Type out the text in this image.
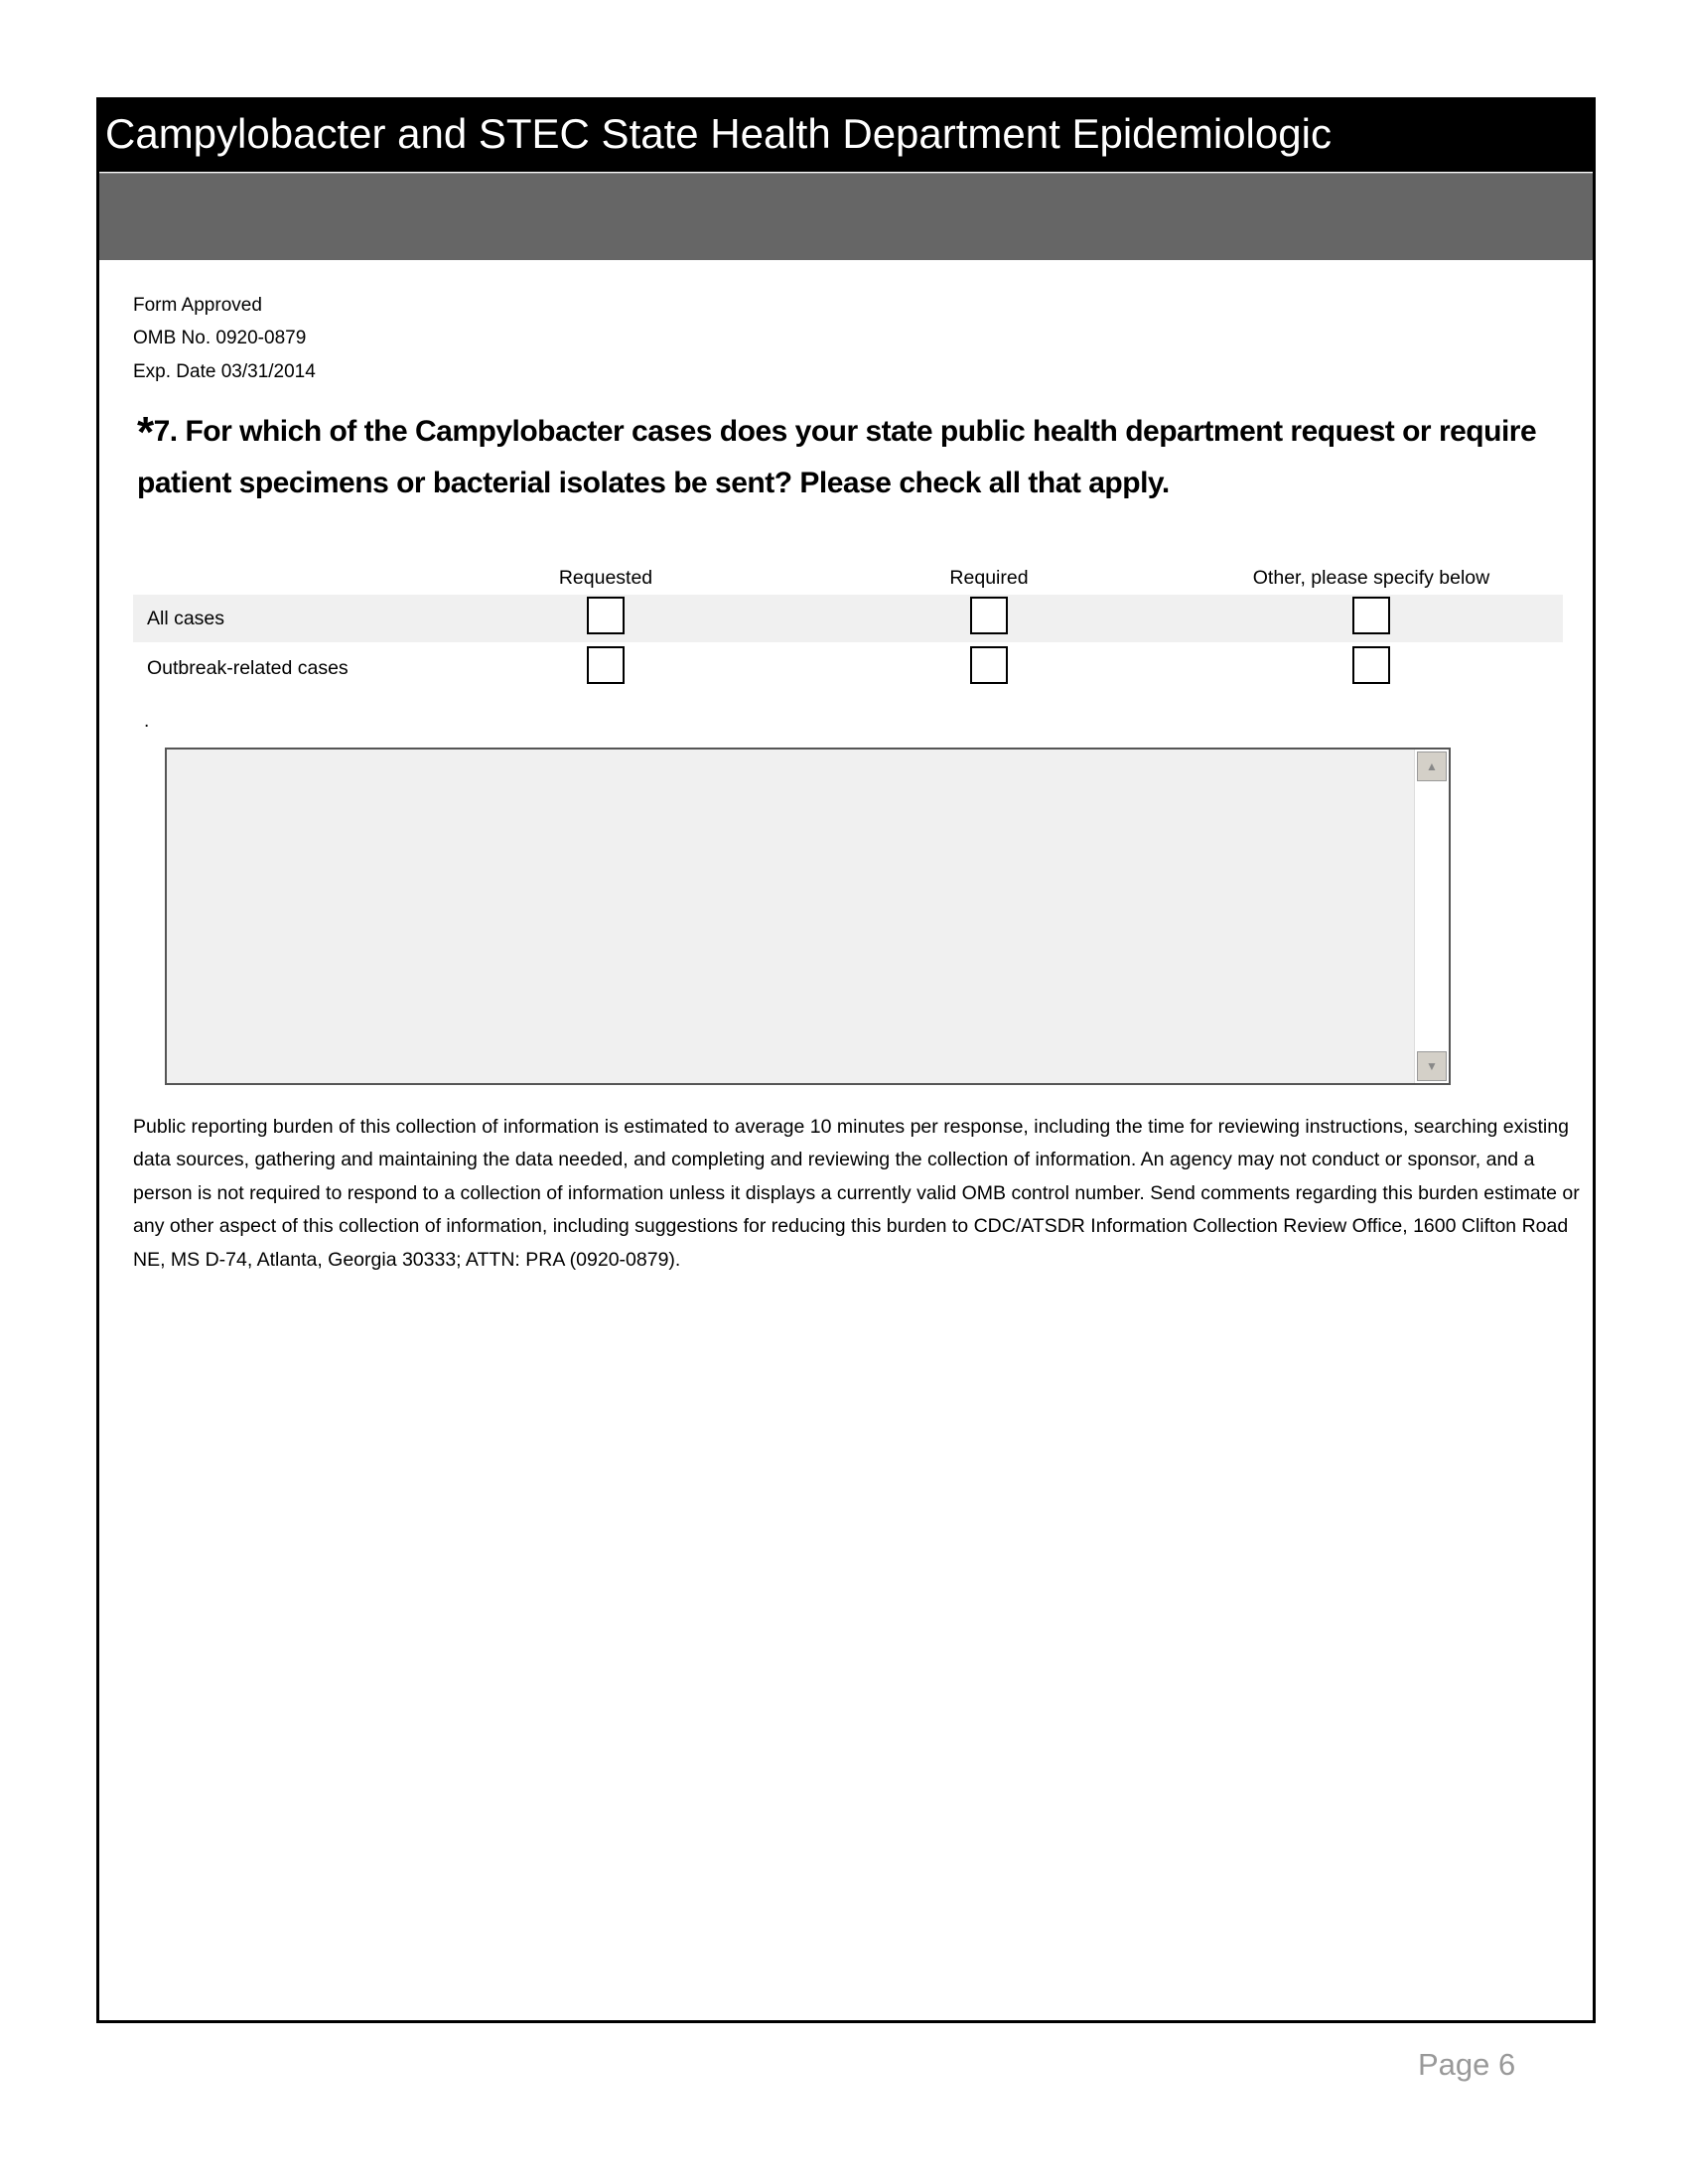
Campylobacter and STEC State Health Department Epidemiologic
Form Approved
OMB No. 0920-0879
Exp. Date 03/31/2014
*7. For which of the Campylobacter cases does your state public health department request or require patient specimens or bacterial isolates be sent? Please check all that apply.
Requested	Required	Other, please specify below
All cases
Outbreak-related cases
.
▲
▼
Public reporting burden of this collection of information is estimated to average 10 minutes per response, including the time for reviewing instructions, searching existing data sources, gathering and maintaining the data needed, and completing and reviewing the collection of information. An agency may not conduct or sponsor, and a person is not required to respond to a collection of information unless it displays a currently valid OMB control number. Send comments regarding this burden estimate or any other aspect of this collection of information, including suggestions for reducing this burden to CDC/ATSDR Information Collection Review Office, 1600 Clifton Road NE, MS D-74, Atlanta, Georgia 30333; ATTN: PRA (0920-0879).
Page 6
